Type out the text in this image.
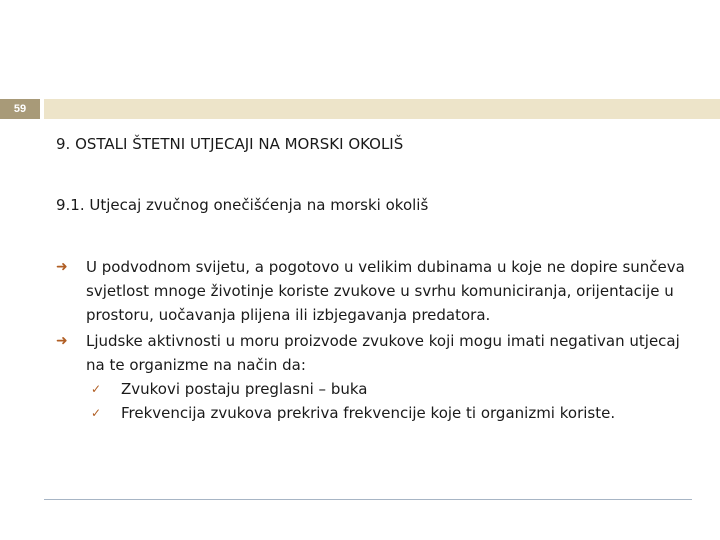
59
9. OSTALI ŠTETNI UTJECAJI NA MORSKI OKOLIŠ
9.1. Utjecaj zvučnog onečišćenja na morski okoliš
➜ U podvodnom svijetu, a pogotovo u velikim dubinama u koje ne dopire sunčeva svjetlost mnoge životinje koriste zvukove u svrhu komuniciranja, orijentacije u prostoru, uočavanja plijena ili izbjegavanja predatora.
➜ Ljudske aktivnosti u moru proizvode zvukove koji mogu imati negativan utjecaj na te organizme na način da:
✓ Zvukovi postaju preglasni – buka
✓ Frekvencija zvukova prekriva frekvencije koje ti organizmi koriste.
